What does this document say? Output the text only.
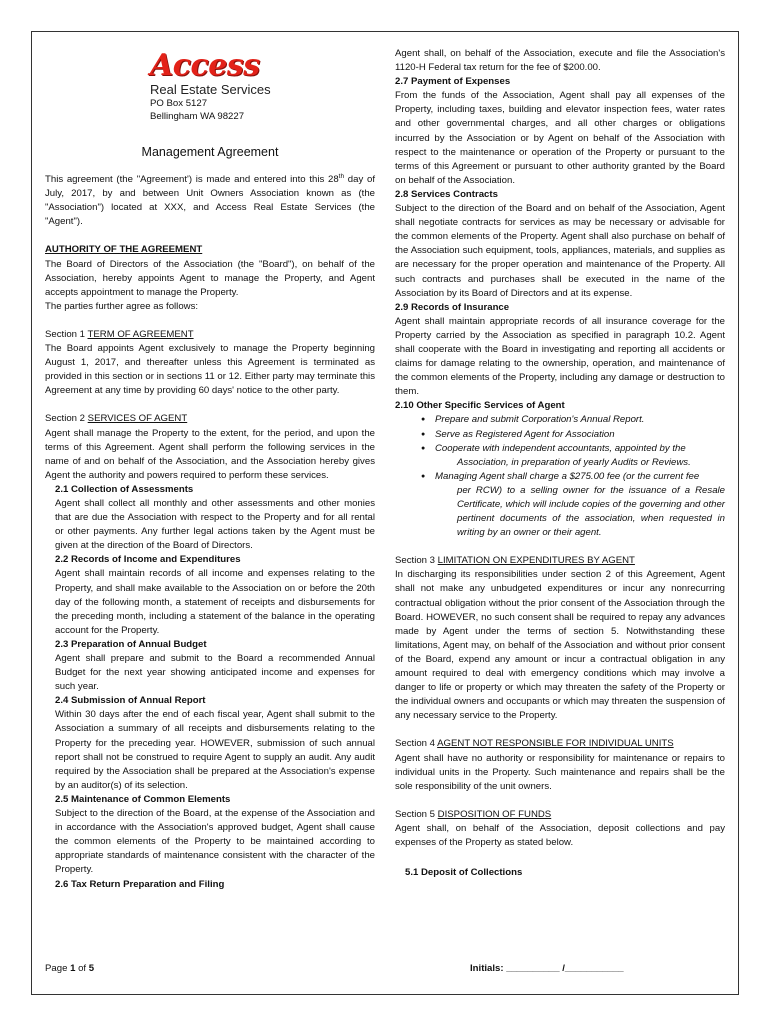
Access
Real Estate Services
PO Box 5127
Bellingham WA 98227
Management Agreement

This agreement (the "Agreement') is made and entered into this 28th day of July, 2017, by and between Unit Owners Association known as (the "Association") located at XXX, and Access Real Estate Services (the "Agent").

AUTHORITY OF THE AGREEMENT

The Board of Directors of the Association (the "Board"), on behalf of the Association, hereby appoints Agent to manage the Property, and Agent accepts appointment to manage the Property.

The parties further agree as follows:

Section 1 TERM OF AGREEMENT

The Board appoints Agent exclusively to manage the Property beginning August 1, 2017, and thereafter unless this Agreement is terminated as provided in this section or in sections 11 or 12. Either party may terminate this Agreement at any time by providing 60 days' notice to the other party.

Section 2 SERVICES OF AGENT

Agent shall manage the Property to the extent, for the period, and upon the terms of this Agreement. Agent shall perform the following services in the name of and on behalf of the Association, and the Association hereby gives Agent the authority and powers required to perform these services.

2.1 Collection of Assessments

Agent shall collect all monthly and other assessments and other monies that are due the Association with respect to the Property and for all rental or other payments. Any further legal actions taken by the Agent must be given at the direction of the Board of Directors.

2.2 Records of Income and Expenditures

Agent shall maintain records of all income and expenses relating to the Property, and shall make available to the Association on or before the 20th day of the following month, a statement of receipts and disbursements for the preceding month, including a statement of the balance in the operating account for the Property.

2.3 Preparation of Annual Budget

Agent shall prepare and submit to the Board a recommended Annual Budget for the next year showing anticipated income and expenses for such year.

2.4 Submission of Annual Report

Within 30 days after the end of each fiscal year, Agent shall submit to the Association a summary of all receipts and disbursements relating to the Property for the preceding year. HOWEVER, submission of such annual report shall not be construed to require Agent to supply an audit. Any audit required by the Association shall be prepared at the Association's expense by an auditor(s) of its selection.

2.5 Maintenance of Common Elements

Subject to the direction of the Board, at the expense of the Association and in accordance with the Association's approved budget, Agent shall cause the common elements of the Property to be maintained according to appropriate standards of maintenance consistent with the character of the Property.

2.6 Tax Return Preparation and Filing

Agent shall, on behalf of the Association, execute and file the Association's 1120-H Federal tax return for the fee of $200.00.

2.7 Payment of Expenses

From the funds of the Association, Agent shall pay all expenses of the Property, including taxes, building and elevator inspection fees, water rates and other governmental charges, and all other charges or obligations incurred by the Association or by Agent on behalf of the Association with respect to the maintenance or operation of the Property or pursuant to the terms of this Agreement or pursuant to other authority granted by the Board on behalf of the Association.

2.8 Services Contracts

Subject to the direction of the Board and on behalf of the Association, Agent shall negotiate contracts for services as may be necessary or advisable for the common elements of the Property. Agent shall also purchase on behalf of the Association such equipment, tools, appliances, materials, and supplies as are necessary for the proper operation and maintenance of the Property. All such contracts and purchases shall be executed in the name of the Association by its Board of Directors and at its expense.

2.9 Records of Insurance

Agent shall maintain appropriate records of all insurance coverage for the Property carried by the Association as specified in paragraph 10.2. Agent shall cooperate with the Board in investigating and reporting all accidents or claims for damage relating to the ownership, operation, and maintenance of the common elements of the Property, including any damage or destruction to them.

2.10 Other Specific Services of Agent

● Prepare and submit Corporation's Annual Report.
● Serve as Registered Agent for Association
● Cooperate with independent accountants, appointed by the
Association, in preparation of yearly Audits or Reviews.
● Managing Agent shall charge a $275.00 fee (or the current fee
per RCW) to a selling owner for the issuance of a Resale Certificate, which will include copies of the governing and other pertinent documents of the association, when requested in writing by an owner or their agent.

Section 3 LIMITATION ON EXPENDITURES BY AGENT

In discharging its responsibilities under section 2 of this Agreement, Agent shall not make any unbudgeted expenditures or incur any nonrecurring contractual obligation without the prior consent of the Association through the Board. HOWEVER, no such consent shall be required to repay any advances made by Agent under the terms of section 5. Notwithstanding these limitations, Agent may, on behalf of the Association and without prior consent of the Board, expend any amount or incur a contractual obligation in any amount required to deal with emergency conditions which may involve a danger to life or property or which may threaten the safety of the Property or the individual owners and occupants or which may threaten the suspension of any necessary service to the Property.

Section 4 AGENT NOT RESPONSIBLE FOR INDIVIDUAL UNITS

Agent shall have no authority or responsibility for maintenance or repairs to individual units in the Property. Such maintenance and repairs shall be the sole responsibility of the unit owners.

Section 5 DISPOSITION OF FUNDS

Agent shall, on behalf of the Association, deposit collections and pay expenses of the Property as stated below.

5.1 Deposit of Collections

Page 1 of 5	Initials: __________ /___________
